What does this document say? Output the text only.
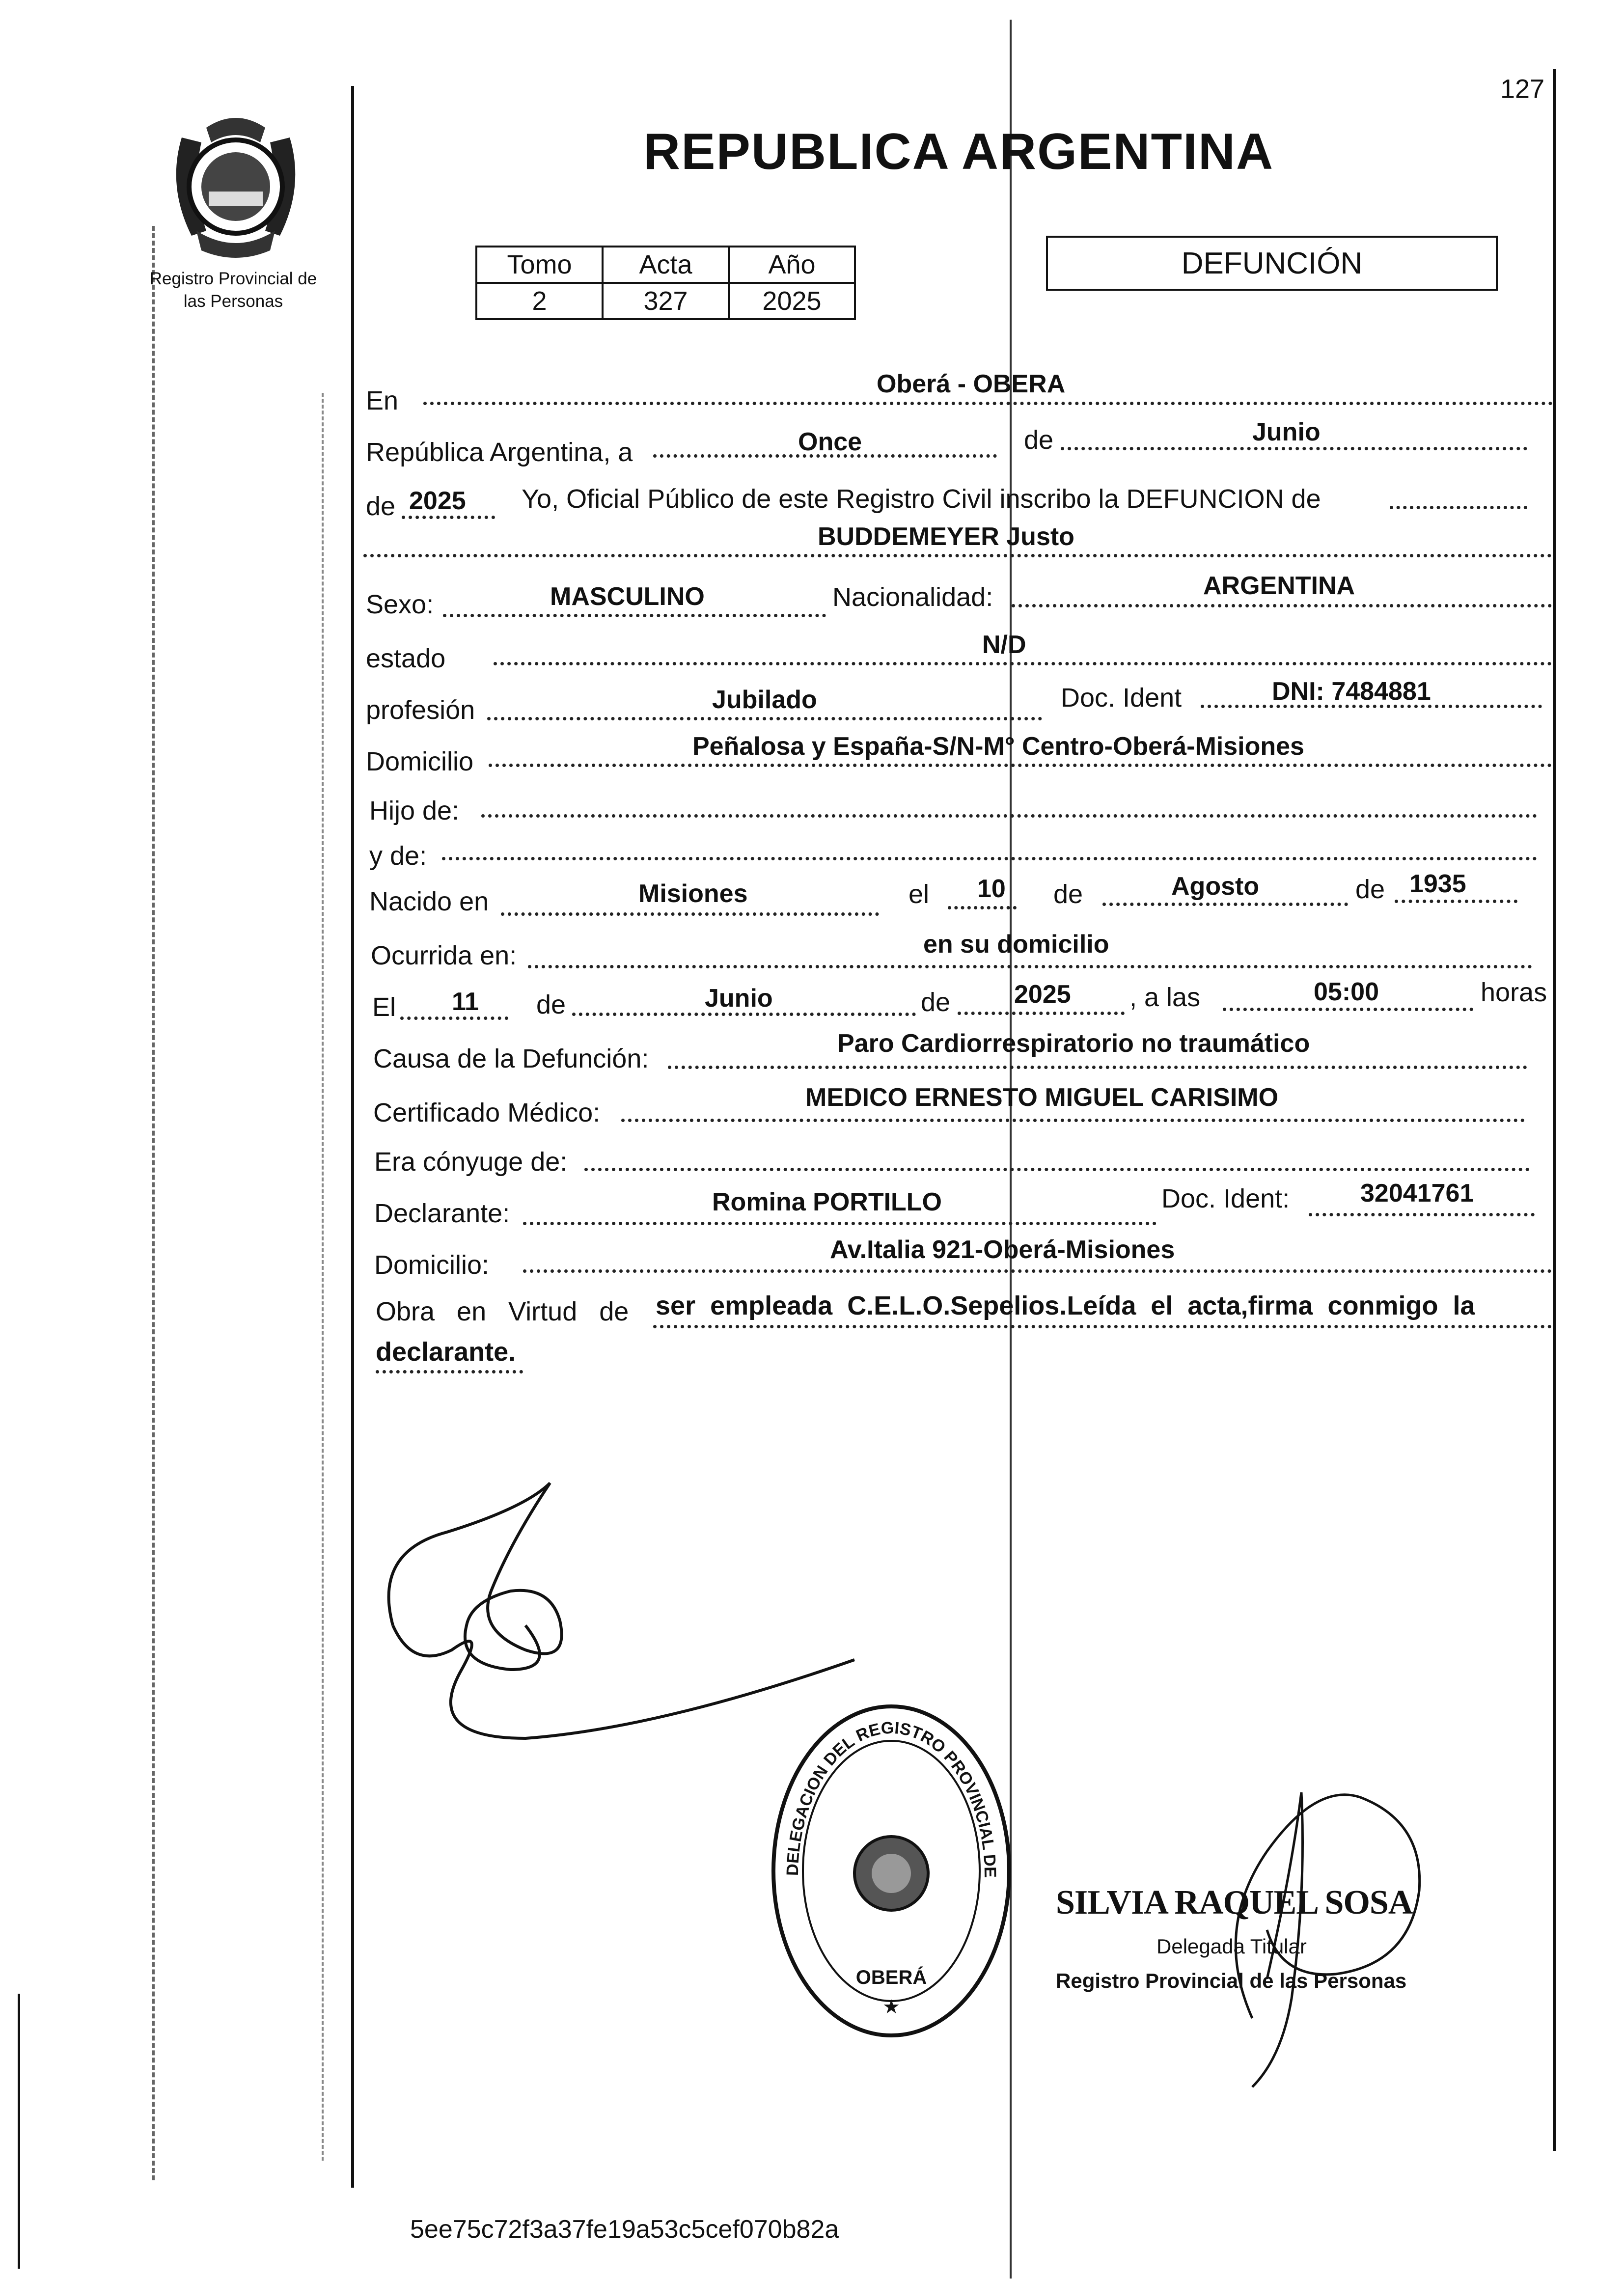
127
Registro Provincial de
las Personas
REPUBLICA ARGENTINA
Tomo	Acta	Año
2	327	2025
DEFUNCIÓN
En
Oberá - OBERA
República Argentina, a	Once	de	Junio
de 2025 Yo, Oficial Público de este Registro Civil inscribo la DEFUNCION de
BUDDEMEYER Justo
Sexo:	MASCULINO	Nacionalidad:	ARGENTINA
estado	N/D
profesión	Jubilado	Doc. Ident	DNI: 7484881
Domicilio
Peñalosa y España-S/N-M° Centro-Oberá-Misiones
Hijo de:
y de:
Nacido en	Misiones	el 10 de	Agosto	de 1935
Ocurrida en:	en su domicilio
El 11 de	Junio	de 2025 , a las	05:00	horas
Causa de la Defunción:
Paro Cardiorrespiratorio no traumático
Certificado Médico:
MEDICO ERNESTO MIGUEL CARISIMO
Era cónyuge de:
Declarante:	Romina PORTILLO	Doc. Ident:	32041761
Domicilio:
Av.Italia 921-Oberá-Misiones
Obra   en   Virtud   de ser  empleada  C.E.L.O.Sepelios.Leída  el  acta,firma  conmigo  la
declarante.
DELEGACION DEL REGISTRO PROVINCIAL DE
OBERÁ
★
SILVIA RAQUEL SOSA
Delegada Titular
Registro Provincial de las Personas
5ee75c72f3a37fe19a53c5cef070b82a
